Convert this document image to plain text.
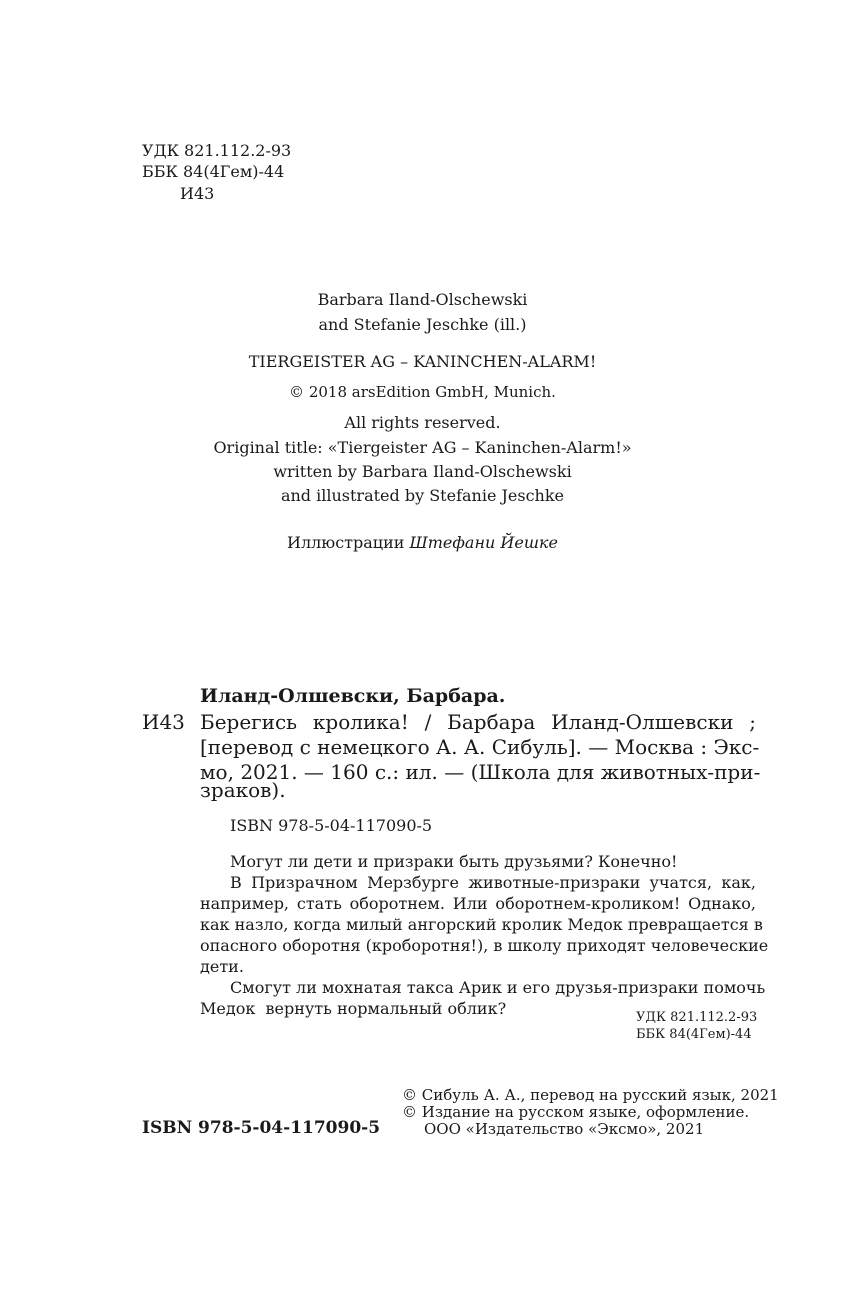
УДК 821.112.2-93
ББК 84(4Гем)-44
И43
Barbara Iland-Olschewski
and Stefanie Jeschke (ill.)
TIERGEISTER AG – KANINCHEN-ALARM!
© 2018 arsEdition GmbH, Munich.
All rights reserved.
Original title: «Tiergeister AG – Kaninchen-Alarm!»
written by Barbara Iland-Olschewski
and illustrated by Stefanie Jeschke
Иллюстрации Штефани Йешке
Иланд-Олшевски, Барбара.
И43 Берегись кролика! / Барбара Иланд-Олшевски ;
[перевод с немецкого А. А. Сибуль]. — Москва : Экс-
мо, 2021. — 160 с.: ил. — (Школа для животных-при-
зраков).
ISBN 978-5-04-117090-5
Могут ли дети и призраки быть друзьями? Конечно!
В Призрачном Мерзбурге животные-призраки учатся, как,
например, стать оборотнем. Или оборотнем-кроликом! Однако,
как назло, когда милый ангорский кролик Медок превращается в
опасного оборотня (кроборотня!), в школу приходят человеческие
дети.
Смогут ли мохнатая такса Арик и его друзья-призраки помочь
Медок  вернуть нормальный облик?	УДК 821.112.2-93
ББК 84(4Гем)-44
© Сибуль А. А., перевод на русский язык, 2021
© Издание на русском языке, оформление.
ООО «Издательство «Эксмо», 2021
ISBN 978-5-04-117090-5
